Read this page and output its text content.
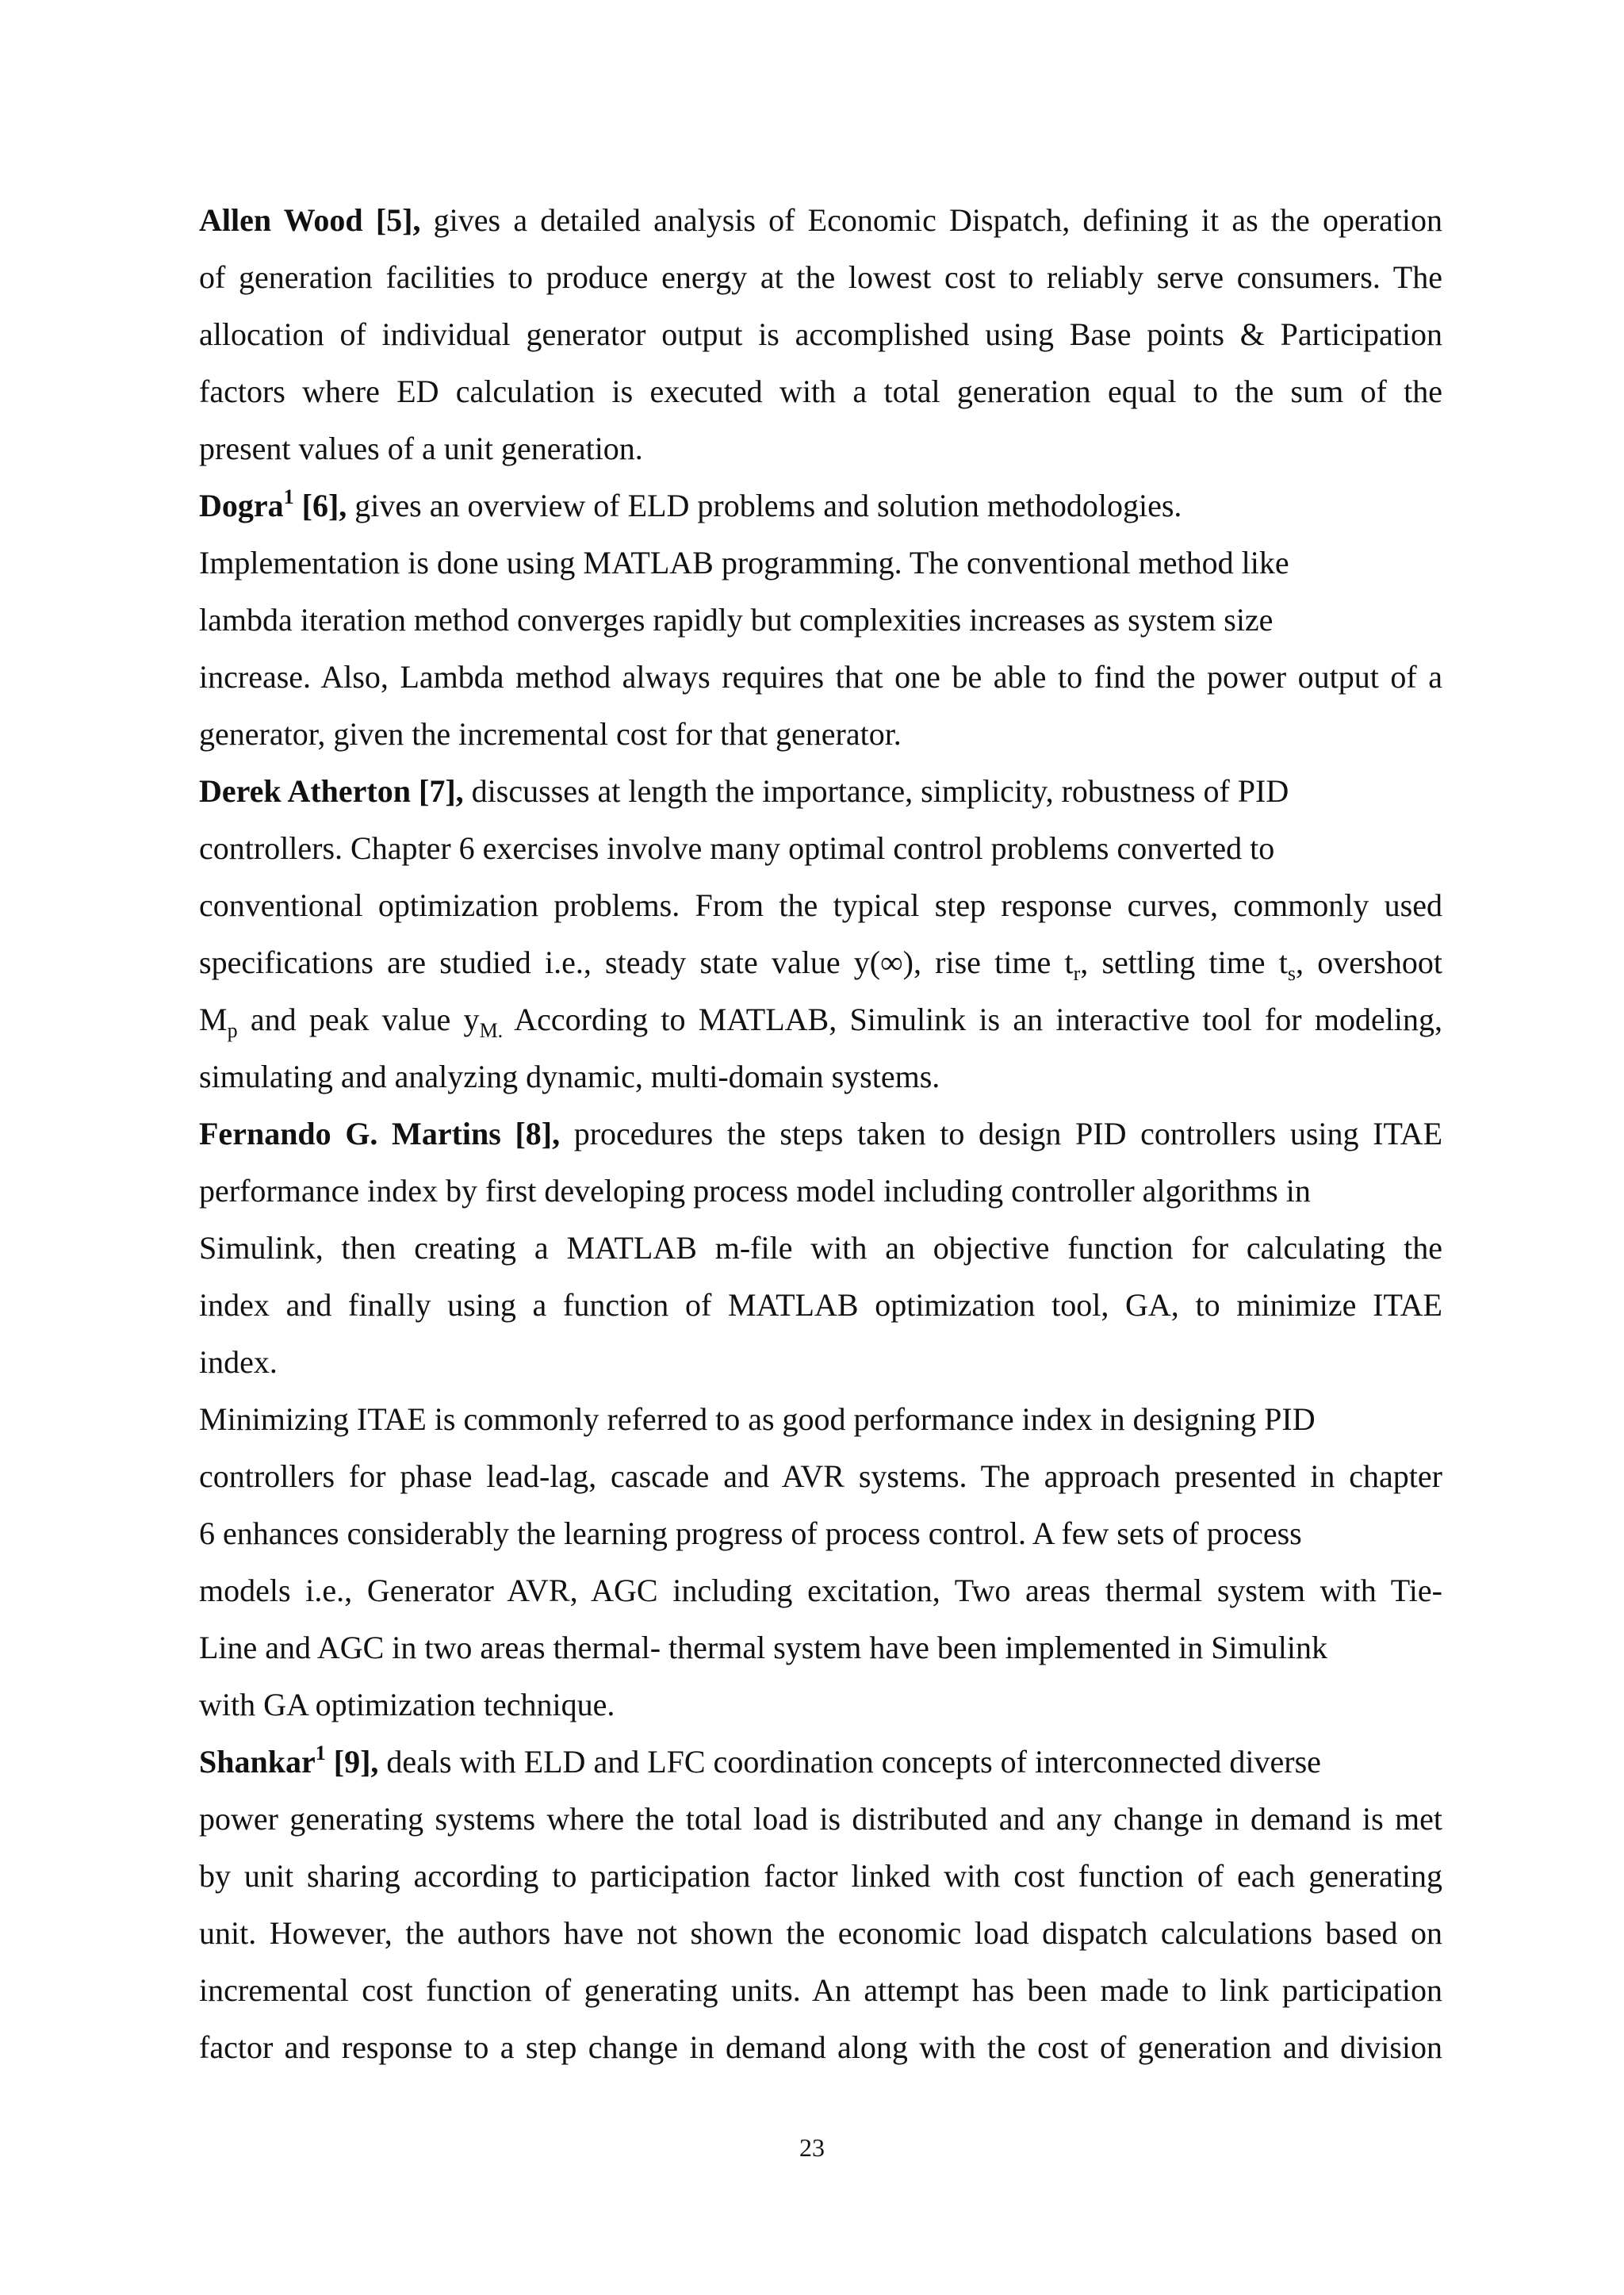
Allen Wood [5], gives a detailed analysis of Economic Dispatch, defining it as the operation
of generation facilities to produce energy at the lowest cost to reliably serve consumers. The
allocation of individual generator output is accomplished using Base points & Participation
factors where ED calculation is executed with a total generation equal to the sum of the
present values of a unit generation.
Dogra$^1$ [6], gives an overview of ELD problems and solution methodologies.
Implementation is done using MATLAB programming. The conventional method like
lambda iteration method converges rapidly but complexities increases as system size
increase. Also, Lambda method always requires that one be able to find the power output of a
generator, given the incremental cost for that generator.
Derek Atherton [7], discusses at length the importance, simplicity, robustness of PID
controllers. Chapter 6 exercises involve many optimal control problems converted to
conventional optimization problems. From the typical step response curves, commonly used
specifications are studied i.e., steady state value y(∞), rise time $t_r$, settling time $t_s$, overshoot
$M_p$ and peak value $y_{M.}$ According to MATLAB, Simulink is an interactive tool for modeling,
simulating and analyzing dynamic, multi-domain systems.
Fernando G. Martins [8], procedures the steps taken to design PID controllers using ITAE
performance index by first developing process model including controller algorithms in
Simulink, then creating a MATLAB m-file with an objective function for calculating the
index and finally using a function of MATLAB optimization tool, GA, to minimize ITAE
index.
Minimizing ITAE is commonly referred to as good performance index in designing PID
controllers for phase lead-lag, cascade and AVR systems. The approach presented in chapter
6 enhances considerably the learning progress of process control. A few sets of process
models i.e., Generator AVR, AGC including excitation, Two areas thermal system with Tie-
Line and AGC in two areas thermal- thermal system have been implemented in Simulink
with GA optimization technique.
Shankar$^1$ [9], deals with ELD and LFC coordination concepts of interconnected diverse
power generating systems where the total load is distributed and any change in demand is met
by unit sharing according to participation factor linked with cost function of each generating
unit. However, the authors have not shown the economic load dispatch calculations based on
incremental cost function of generating units. An attempt has been made to link participation
factor and response to a step change in demand along with the cost of generation and division
23
